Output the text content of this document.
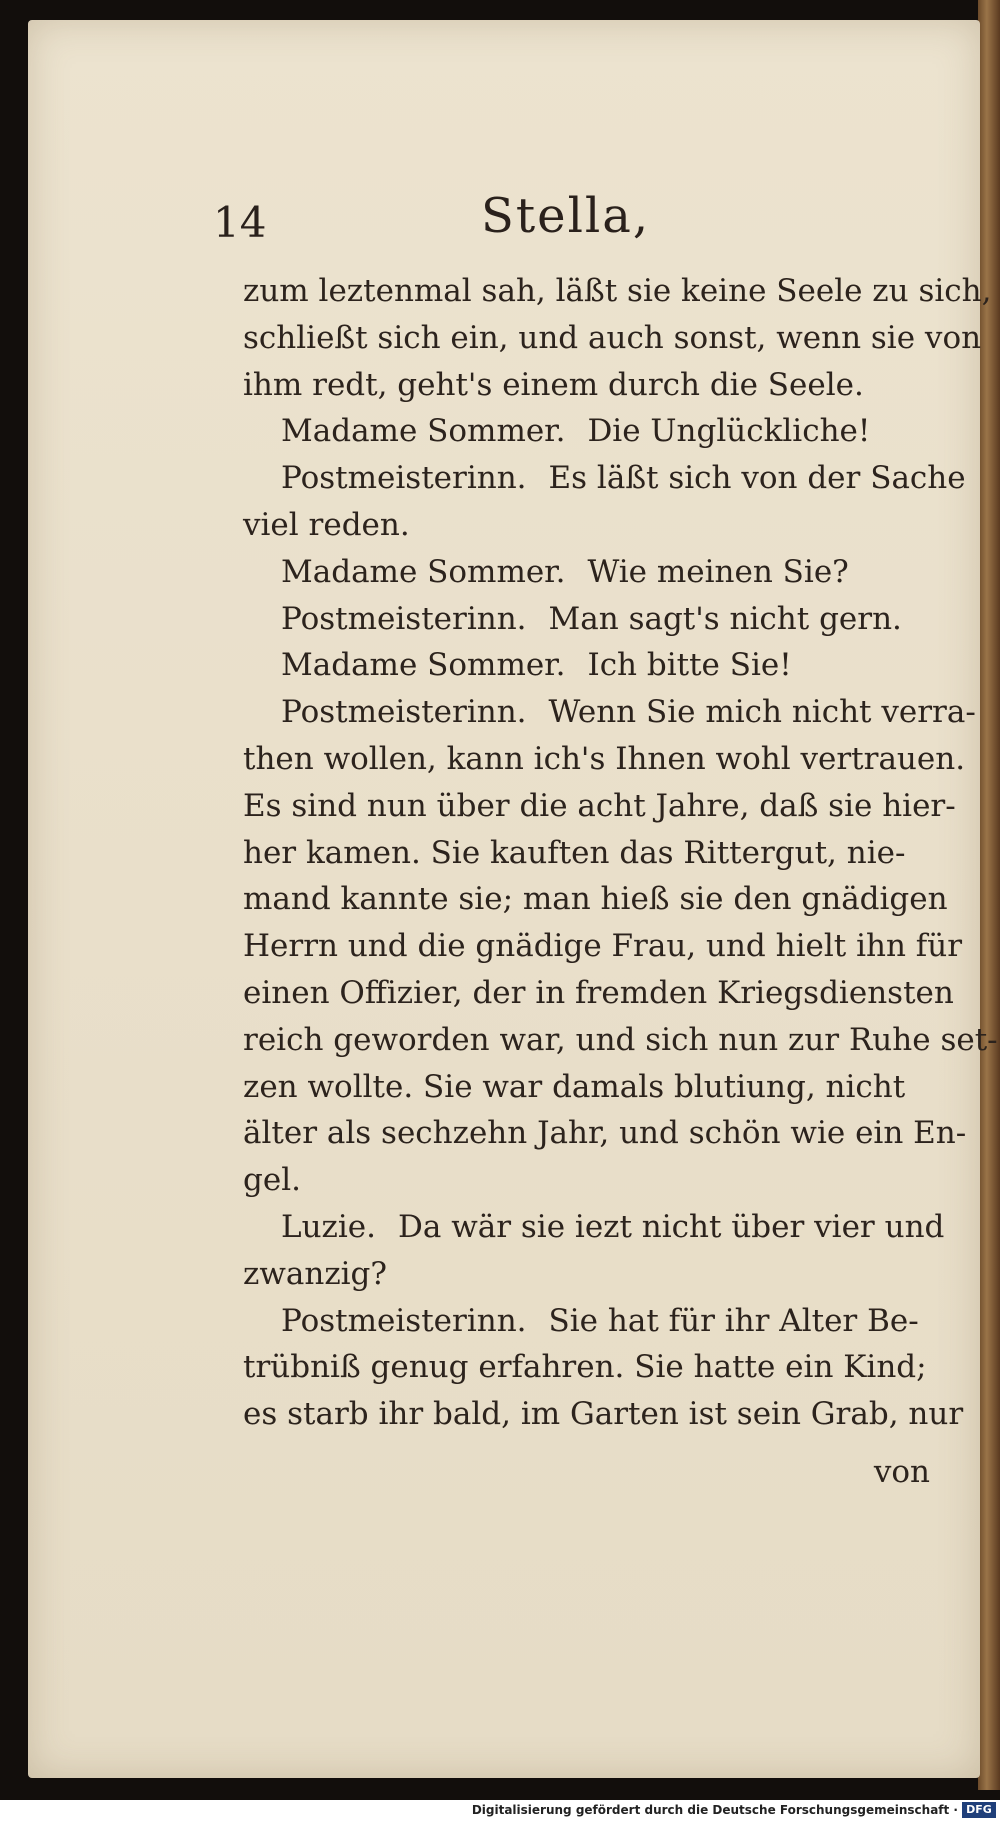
14	Stella,
zum leztenmal sah, läßt sie keine Seele zu sich,
schließt sich ein, und auch sonst, wenn sie von
ihm redt, geht's einem durch die Seele.
Madame Sommer. Die Unglückliche!
Postmeisterinn. Es läßt sich von der Sache
viel reden.
Madame Sommer. Wie meinen Sie?
Postmeisterinn. Man sagt's nicht gern.
Madame Sommer. Ich bitte Sie!
Postmeisterinn. Wenn Sie mich nicht verra-
then wollen, kann ich's Ihnen wohl vertrauen.
Es sind nun über die acht Jahre, daß sie hier-
her kamen. Sie kauften das Rittergut, nie-
mand kannte sie; man hieß sie den gnädigen
Herrn und die gnädige Frau, und hielt ihn für
einen Offizier, der in fremden Kriegsdiensten
reich geworden war, und sich nun zur Ruhe set-
zen wollte. Sie war damals blutiung, nicht
älter als sechzehn Jahr, und schön wie ein En-
gel.
Luzie. Da wär sie iezt nicht über vier und
zwanzig?
Postmeisterinn. Sie hat für ihr Alter Be-
trübniß genug erfahren. Sie hatte ein Kind;
es starb ihr bald, im Garten ist sein Grab, nur
von
Digitalisierung gefördert durch die Deutsche Forschungsgemeinschaft · DFG
